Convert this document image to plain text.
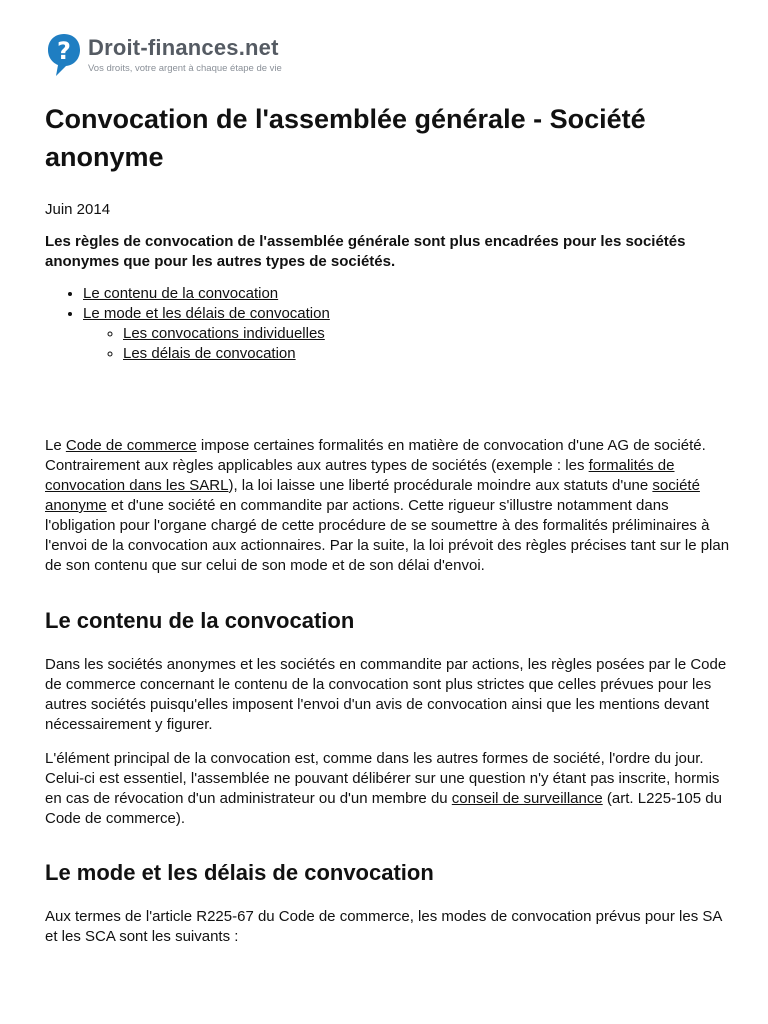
? Droit-finances.net
Vos droits, votre argent à chaque étape de vie
Convocation de l'assemblée générale - Société anonyme
Juin 2014
Les règles de convocation de l'assemblée générale sont plus encadrées pour les sociétés anonymes que pour les autres types de sociétés.
• Le contenu de la convocation
• Le mode et les délais de convocation
◦ Les convocations individuelles
◦ Les délais de convocation

Le Code de commerce impose certaines formalités en matière de convocation d'une AG de société. Contrairement aux règles applicables aux autres types de sociétés (exemple : les formalités de convocation dans les SARL), la loi laisse une liberté procédurale moindre aux statuts d'une société anonyme et d'une société en commandite par actions. Cette rigueur s'illustre notamment dans l'obligation pour l'organe chargé de cette procédure de se soumettre à des formalités préliminaires à l'envoi de la convocation aux actionnaires. Par la suite, la loi prévoit des règles précises tant sur le plan de son contenu que sur celui de son mode et de son délai d'envoi.

Le contenu de la convocation

Dans les sociétés anonymes et les sociétés en commandite par actions, les règles posées par le Code de commerce concernant le contenu de la convocation sont plus strictes que celles prévues pour les autres sociétés puisqu'elles imposent l'envoi d'un avis de convocation ainsi que les mentions devant nécessairement y figurer.

L'élément principal de la convocation est, comme dans les autres formes de société, l'ordre du jour. Celui-ci est essentiel, l'assemblée ne pouvant délibérer sur une question n'y étant pas inscrite, hormis en cas de révocation d'un administrateur ou d'un membre du conseil de surveillance (art. L225-105 du Code de commerce).

Le mode et les délais de convocation

Aux termes de l'article R225-67 du Code de commerce, les modes de convocation prévus pour les SA et les SCA sont les suivants :
